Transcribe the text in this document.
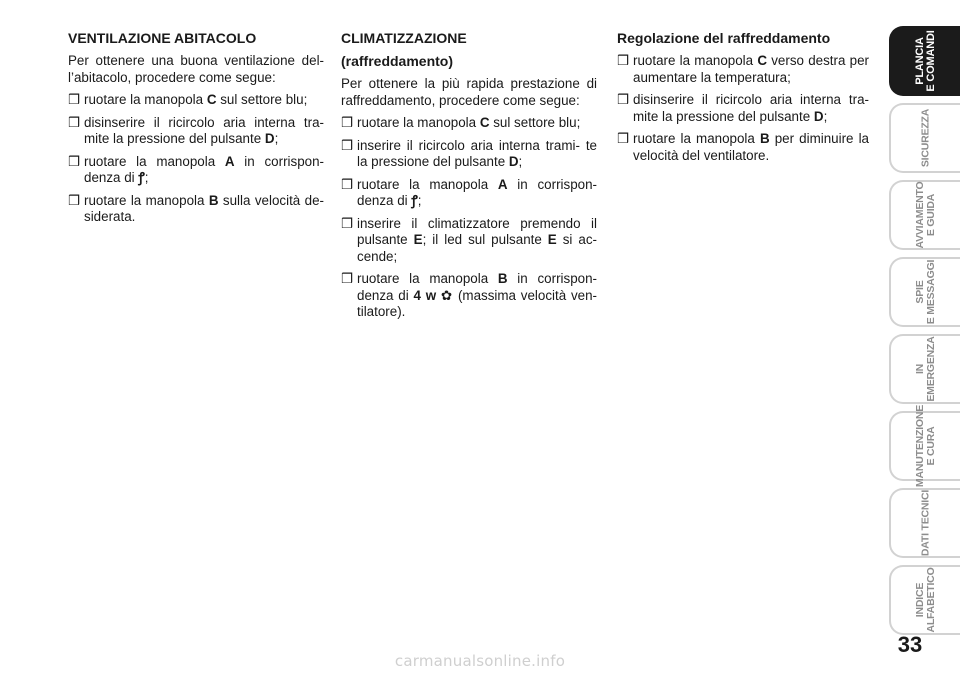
VENTILAZIONE ABITACOLO

Per ottenere una buona ventilazione del- l’abitacolo, procedere come segue:

❒ ruotare la manopola C sul settore blu;
❒ disinserire il ricircolo aria interna tra- mite la pressione del pulsante D;
❒ ruotare la manopola A in corrispon- denza di ꝭ;
❒ ruotare la manopola B sulla velocità de- siderata.
CLIMATIZZAZIONE
(raffreddamento)

Per ottenere la più rapida prestazione di raffreddamento, procedere come segue:

❒ ruotare la manopola C sul settore blu;
❒ inserire il ricircolo aria interna trami- te la pressione del pulsante D;
❒ ruotare la manopola A in corrispon- denza di ꝭ;
❒ inserire il climatizzatore premendo il pulsante E; il led sul pulsante E si ac- cende;
❒ ruotare la manopola B in corrispon- denza di 4 ᴡ ✿ (massima velocità ven- tilatore).
Regolazione del raffreddamento
❒ ruotare la manopola C verso destra per aumentare la temperatura;
❒ disinserire il ricircolo aria interna tra- mite la pressione del pulsante D;
❒ ruotare la manopola B per diminuire la velocità del ventilatore.
PLANCIA
E COMANDI
SICUREZZA
AVVIAMENTO
E GUIDA
SPIE
E MESSAGGI
IN
EMERGENZA
MANUTENZIONE
E CURA
DATI TECNICI
INDICE
ALFABETICO
33
carmanualsonline.info
